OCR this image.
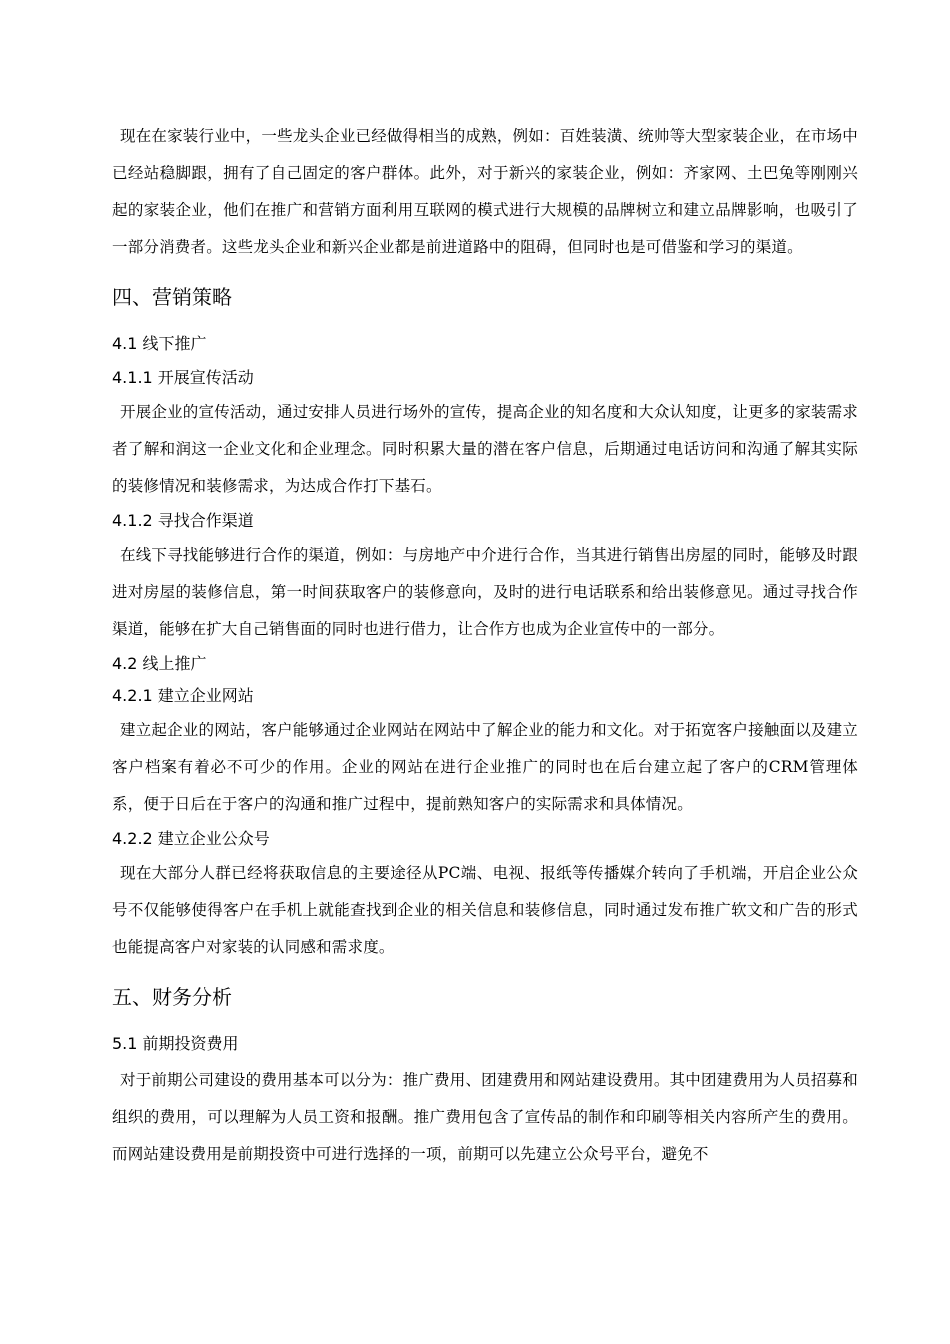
现在在家装行业中，一些龙头企业已经做得相当的成熟，例如：百姓装潢、统帅等大型家装企业，在市场中已经站稳脚跟，拥有了自己固定的客户群体。此外，对于新兴的家装企业，例如：齐家网、土巴兔等刚刚兴起的家装企业，他们在推广和营销方面利用互联网的模式进行大规模的品牌树立和建立品牌影响，也吸引了一部分消费者。这些龙头企业和新兴企业都是前进道路中的阻碍，但同时也是可借鉴和学习的渠道。

四、营销策略
4.1 线下推广
4.1.1 开展宣传活动

开展企业的宣传活动，通过安排人员进行场外的宣传，提高企业的知名度和大众认知度，让更多的家装需求者了解和润这一企业文化和企业理念。同时积累大量的潜在客户信息，后期通过电话访问和沟通了解其实际的装修情况和装修需求，为达成合作打下基石。

4.1.2 寻找合作渠道

在线下寻找能够进行合作的渠道，例如：与房地产中介进行合作，当其进行销售出房屋的同时，能够及时跟进对房屋的装修信息，第一时间获取客户的装修意向，及时的进行电话联系和给出装修意见。通过寻找合作渠道，能够在扩大自己销售面的同时也进行借力，让合作方也成为企业宣传中的一部分。

4.2 线上推广
4.2.1 建立企业网站

建立起企业的网站，客户能够通过企业网站在网站中了解企业的能力和文化。对于拓宽客户接触面以及建立客户档案有着必不可少的作用。企业的网站在进行企业推广的同时也在后台建立起了客户的CRM管理体系，便于日后在于客户的沟通和推广过程中，提前熟知客户的实际需求和具体情况。

4.2.2 建立企业公众号

现在大部分人群已经将获取信息的主要途径从PC端、电视、报纸等传播媒介转向了手机端，开启企业公众号不仅能够使得客户在手机上就能查找到企业的相关信息和装修信息，同时通过发布推广软文和广告的形式也能提高客户对家装的认同感和需求度。

五、财务分析
5.1 前期投资费用

对于前期公司建设的费用基本可以分为：推广费用、团建费用和网站建设费用。其中团建费用为人员招募和组织的费用，可以理解为人员工资和报酬。推广费用包含了宣传品的制作和印刷等相关内容所产生的费用。而网站建设费用是前期投资中可进行选择的一项，前期可以先建立公众号平台，避免不
